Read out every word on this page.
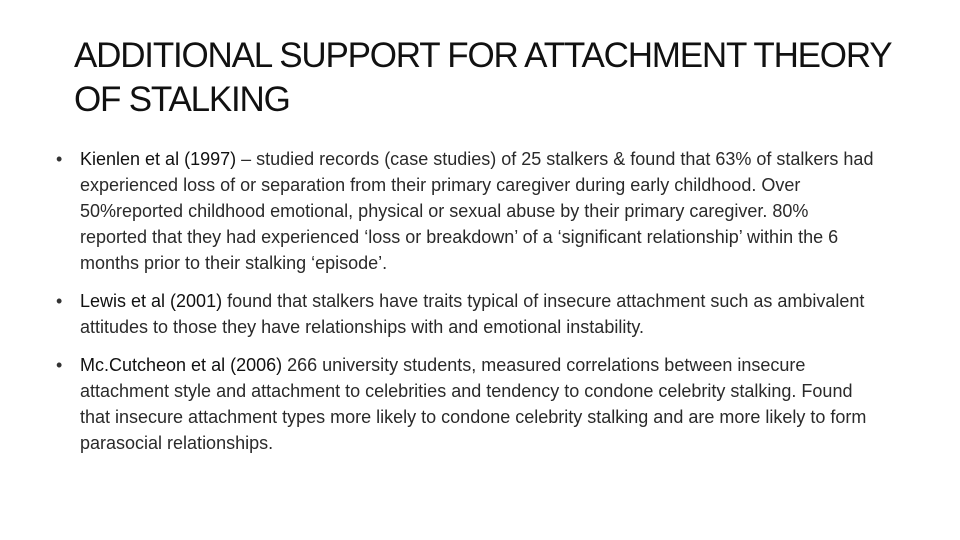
ADDITIONAL SUPPORT FOR ATTACHMENT THEORY OF STALKING
• Kienlen et al (1997) – studied records (case studies) of 25 stalkers & found that 63% of stalkers had experienced loss of or separation from their primary caregiver during early childhood. Over 50%reported childhood emotional, physical or sexual abuse by their primary caregiver. 80% reported that they had experienced ‘loss or breakdown’ of a ‘significant relationship’ within the 6 months prior to their stalking ‘episode’.
• Lewis et al (2001) found that stalkers have traits typical of insecure attachment such as ambivalent attitudes to those they have relationships with and emotional instability.
• Mc.Cutcheon et al (2006) 266 university students, measured correlations between insecure attachment style and attachment to celebrities and tendency to condone celebrity stalking. Found that insecure attachment types more likely to condone celebrity stalking and are more likely to form parasocial relationships.
